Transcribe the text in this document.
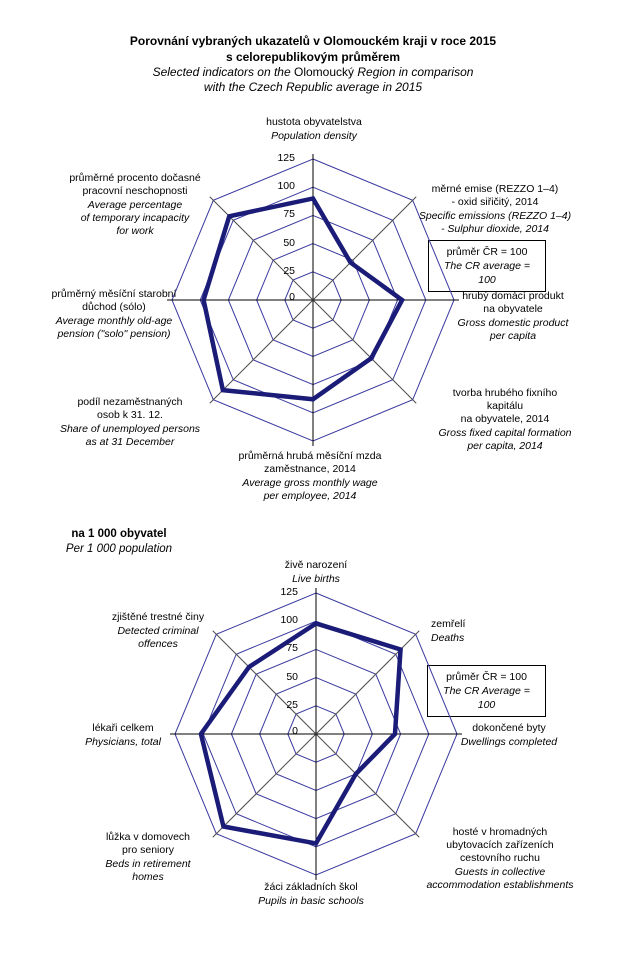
Porovnání vybraných ukazatelů v Olomouckém kraji v roce 2015
s celorepublikovým průměrem
Selected indicators on the Olomoucký Region in comparison
with the Czech Republic average in 2015
na 1 000 obyvatel
Per 1 000 population
průměr ČR = 100
The CR average = 100
průměr ČR = 100
The CR Average = 100
0
25
50
75
100
125
hustota obyvatelstva
Population density
měrné emise (REZZO 1–4)
- oxid siřičitý, 2014
Specific emissions (REZZO 1–4)
- Sulphur dioxide, 2014
hrubý domácí produkt
na obyvatele
Gross domestic product
per capita
tvorba hrubého fixního
kapitálu
na obyvatele, 2014
Gross fixed capital formation
per capita, 2014
průměrná hrubá měsíční mzda
zaměstnance, 2014
Average gross monthly wage
per employee, 2014
podíl nezaměstnaných
osob k 31. 12.
Share of unemployed persons
as at 31 December
průměrný měsíční starobní
důchod (sólo)
Average monthly old-age
pension ("solo" pension)
průměrné procento dočasné
pracovní neschopnosti
Average percentage
of temporary incapacity
for work
0
25
50
75
100
125
živě narození
Live births
zemřelí
Deaths
dokončené byty
Dwellings completed
hosté v hromadných
ubytovacích zařízeních
cestovního ruchu
Guests in collective
accommodation establishments
žáci základních škol
Pupils in basic schools
lůžka v domovech
pro seniory
Beds in retirement
homes
lékaři celkem
Physicians, total
zjištěné trestné činy
Detected criminal
offences
